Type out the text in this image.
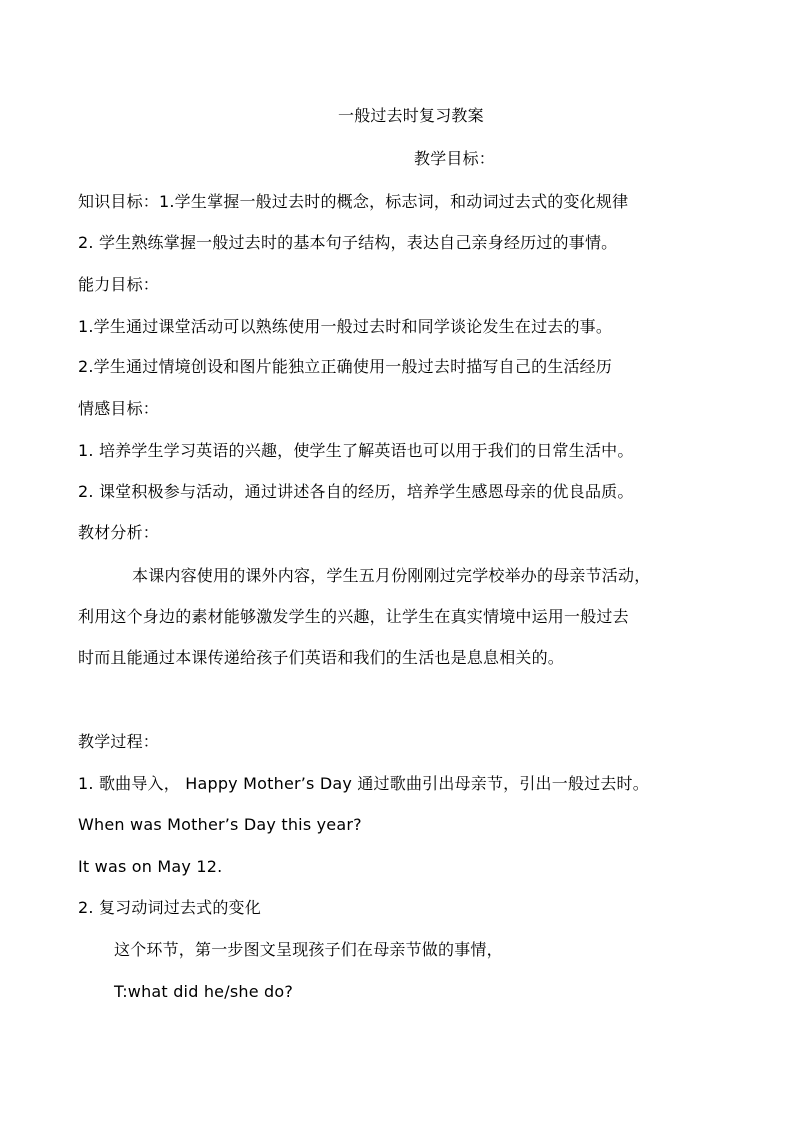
一般过去时复习教案
教学目标：
知识目标：1.学生掌握一般过去时的概念，标志词，和动词过去式的变化规律
2. 学生熟练掌握一般过去时的基本句子结构，表达自己亲身经历过的事情。
能力目标：
1.学生通过课堂活动可以熟练使用一般过去时和同学谈论发生在过去的事。
2.学生通过情境创设和图片能独立正确使用一般过去时描写自己的生活经历
情感目标：
1. 培养学生学习英语的兴趣，使学生了解英语也可以用于我们的日常生活中。
2. 课堂积极参与活动，通过讲述各自的经历，培养学生感恩母亲的优良品质。
教材分析：
本课内容使用的课外内容，学生五月份刚刚过完学校举办的母亲节活动，
利用这个身边的素材能够激发学生的兴趣，让学生在真实情境中运用一般过去
时而且能通过本课传递给孩子们英语和我们的生活也是息息相关的。
教学过程：
1. 歌曲导入， Happy Mother’s Day 通过歌曲引出母亲节，引出一般过去时。
When was Mother’s Day this year?
It was on May 12.
2. 复习动词过去式的变化
这个环节，第一步图文呈现孩子们在母亲节做的事情，
T:what did he/she do?
